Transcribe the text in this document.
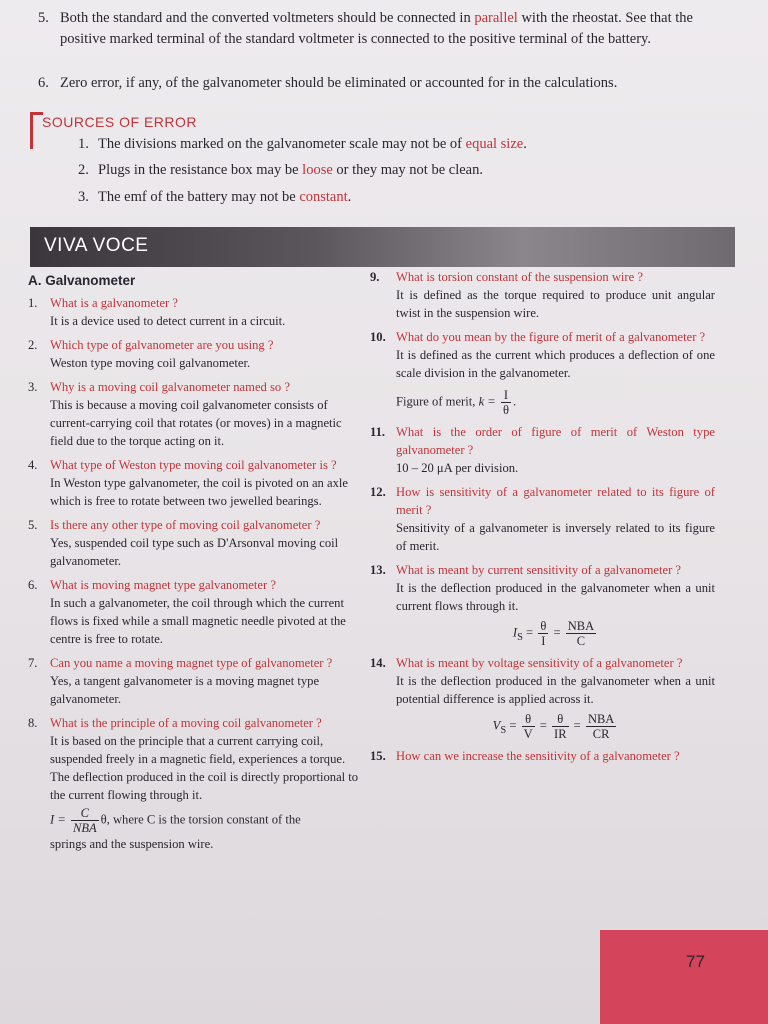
5. Both the standard and the converted voltmeters should be connected in parallel with the rheostat. See that the positive marked terminal of the standard voltmeter is connected to the positive terminal of the battery.
6. Zero error, if any, of the galvanometer should be eliminated or accounted for in the calculations.
SOURCES OF ERROR
1. The divisions marked on the galvanometer scale may not be of equal size.
2. Plugs in the resistance box may be loose or they may not be clean.
3. The emf of the battery may not be constant.
VIVA VOCE
A. Galvanometer
1. What is a galvanometer ?
It is a device used to detect current in a circuit.
2. Which type of galvanometer are you using ?
Weston type moving coil galvanometer.
3. Why is a moving coil galvanometer named so ?
This is because a moving coil galvanometer consists of current-carrying coil that rotates (or moves) in a magnetic field due to the torque acting on it.
4. What type of Weston type moving coil galvanometer is ?
In Weston type galvanometer, the coil is pivoted on an axle which is free to rotate between two jewelled bearings.
5. Is there any other type of moving coil galvanometer ?
Yes, suspended coil type such as D'Arsonval moving coil galvanometer.
6. What is moving magnet type galvanometer ?
In such a galvanometer, the coil through which the current flows is fixed while a small magnetic needle pivoted at the centre is free to rotate.
7. Can you name a moving magnet type of galvanometer ?
Yes, a tangent galvanometer is a moving magnet type galvanometer.
8. What is the principle of a moving coil galvanometer ?
It is based on the principle that a current carrying coil, suspended freely in a magnetic field, experiences a torque. The deflection produced in the coil is directly proportional to the current flowing through it.
$I = \frac{C}{\text{NBA}} \theta$, where C is the torsion constant of the
springs and the suspension wire.
9.	What is torsion constant of the suspension wire ?
It is defined as the torque required to produce unit angular twist in the suspension wire.
10. What do you mean by the figure of merit of a galvanometer ?
It is defined as the current which produces a deflection of one scale division in the galvanometer.
Figure of merit, $k = \frac{I}{\theta}$ .
11. What is the order of figure of merit of Weston type galvanometer ?
10 – 20 μA per division.
12. How is sensitivity of a galvanometer related to its figure of merit ?
Sensitivity of a galvanometer is inversely related to its figure of merit.
13. What is meant by current sensitivity of a galvanometer ?
It is the deflection produced in the galvanometer when a unit current flows through it.
$I_S = \frac{\theta}{I} = \frac{\text{NBA}}{C}$
14. What is meant by voltage sensitivity of a galvanometer ?
It is the deflection produced in the galvanometer when a unit potential difference is applied across it.
$V_S = \frac{\theta}{V} = \frac{\theta}{IR} = \frac{\text{NBA}}{CR}$
15. How can we increase the sensitivity of a galvanometer ?
77
